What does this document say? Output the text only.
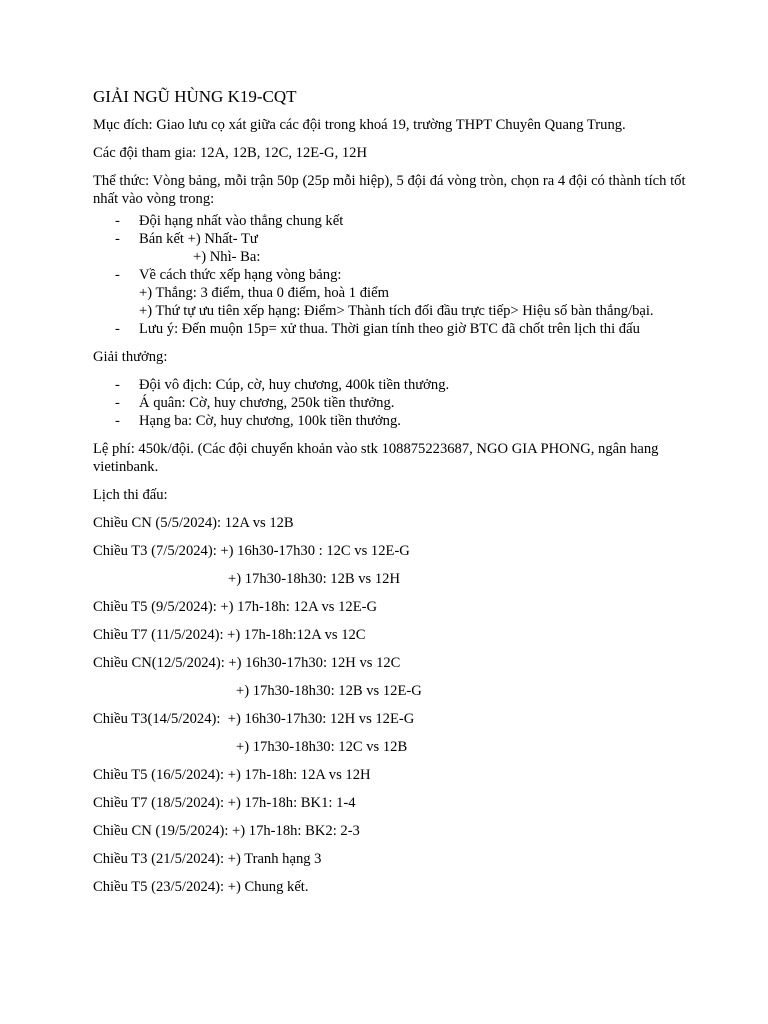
GIẢI NGŨ HÙNG K19-CQT

Mục đích: Giao lưu cọ xát giữa các đội trong khoá 19, trường THPT Chuyên Quang Trung.

Các đội tham gia: 12A, 12B, 12C, 12E-G, 12H

Thể thức: Vòng bảng, mỗi trận 50p (25p mỗi hiệp), 5 đội đá vòng tròn, chọn ra 4 đội có thành tích tốt nhất vào vòng trong:

- Đội hạng nhất vào thẳng chung kết
- Bán kết +) Nhất- Tư
+) Nhì- Ba:
- Về cách thức xếp hạng vòng bảng:
+) Thắng: 3 điểm, thua 0 điểm, hoà 1 điểm
+) Thứ tự ưu tiên xếp hạng: Điểm> Thành tích đối đầu trực tiếp> Hiệu số bàn thắng/bại.
- Lưu ý: Đến muộn 15p= xử thua. Thời gian tính theo giờ BTC đã chốt trên lịch thi đấu

Giải thưởng:

- Đội vô địch: Cúp, cờ, huy chương, 400k tiền thưởng.
- Á quân: Cờ, huy chương, 250k tiền thưởng.
- Hạng ba: Cờ, huy chương, 100k tiền thưởng.

Lệ phí: 450k/đội. (Các đội chuyển khoản vào stk 108875223687, NGO GIA PHONG, ngân hang vietinbank.

Lịch thi đấu:

Chiều CN (5/5/2024): 12A vs 12B
Chiều T3 (7/5/2024): +) 16h30-17h30 : 12C vs 12E-G
+) 17h30-18h30: 12B vs 12H
Chiều T5 (9/5/2024): +) 17h-18h: 12A vs 12E-G
Chiều T7 (11/5/2024): +) 17h-18h:12A vs 12C
Chiều CN(12/5/2024): +) 16h30-17h30: 12H vs 12C
+) 17h30-18h30: 12B vs 12E-G
Chiều T3(14/5/2024):  +) 16h30-17h30: 12H vs 12E-G
+) 17h30-18h30: 12C vs 12B
Chiều T5 (16/5/2024): +) 17h-18h: 12A vs 12H
Chiều T7 (18/5/2024): +) 17h-18h: BK1: 1-4
Chiều CN (19/5/2024): +) 17h-18h: BK2: 2-3
Chiều T3 (21/5/2024): +) Tranh hạng 3
Chiều T5 (23/5/2024): +) Chung kết.
